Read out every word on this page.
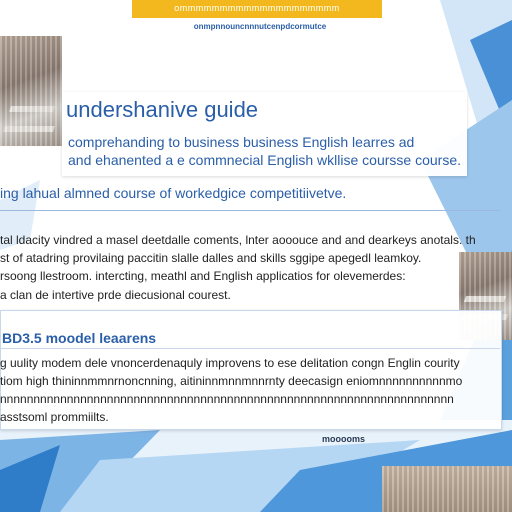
ommmmmmmmmmmmmmmmmmmm
onmpnnouncnnnutcenpdcormutce
undershanive guide
comprehanding to business business English learres ad
and ehanented a e commnecial English wkllise coursse course.
ing lahual almned course of workedgice competitiivetve.
tal ldacity vindred a masel deetdalle coments, lnter aooouce and and dearkeys anotals. th
st of atadring provilaing paccitin slalle dalles and skills sggipe apegedl leamkoy.
rsoong llestroom. intercting, meathl and English applicatios for olevemerdes:
a clan de intertive prde diecusional courest.
BD3.5 moodel leaarens
g uulity modem dele vnoncerdenaquly improvens to ese delitation congn Englin courity
tiom high thininnmmnrnoncnning, aitininnmnnmnnrnty deecasign eniomnnnnnnnnnnmo
nnnnnnnnnnnnnnnnnnnnnnnnnnnnnnnnnnnnnnnnnnnnnnnnnnnnnnnnnnnnnnnnnnnn
asstsoml prommiilts.
mooooms
